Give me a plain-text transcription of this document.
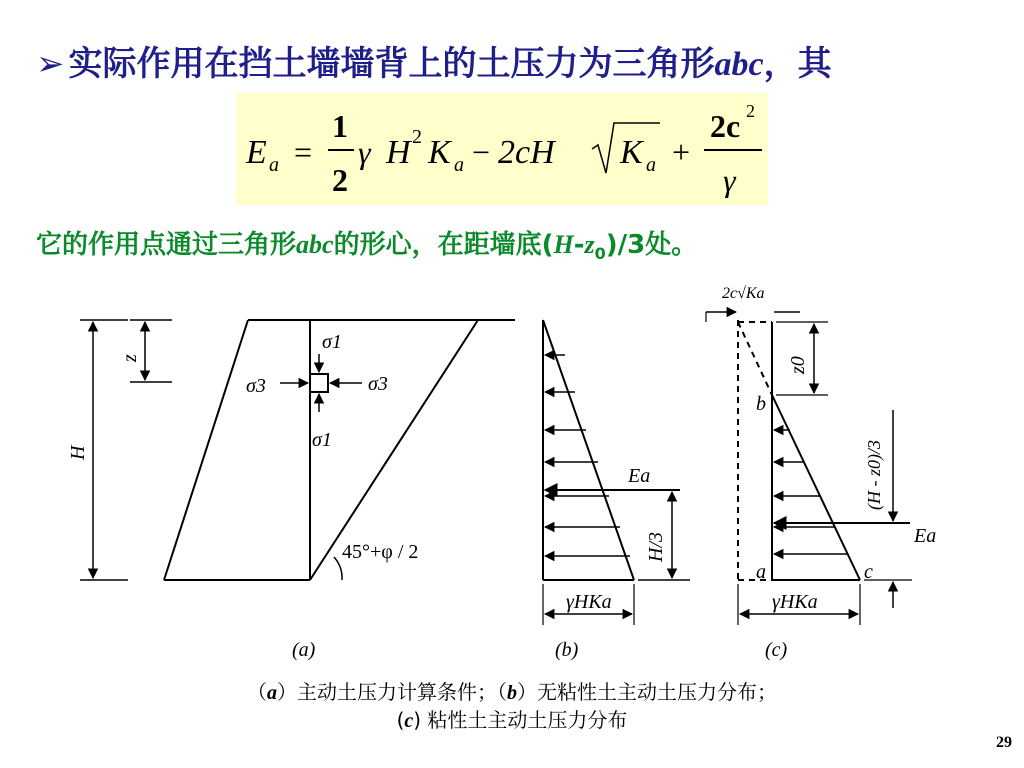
➢ 实际作用在挡土墙墙背上的土压力为三角形abc，其
E a =
1
2
γ H 2 K a − 2cH K a +
2c 2
γ
它的作用点通过三角形abc的形心，在距墙底$(H-z_0)/3$处。
σ1
σ1
σ3	σ3
45°+φ / 2
H
z
(a)
Ea
H/3
γHKa
(b)
2c√Ka
z0
b
a	c
(H - z0)/3
Ea
γHKa
(c)
（a）主动土压力计算条件；（b）无粘性土主动土压力分布；
(c) 粘性土主动土压力分布
29
